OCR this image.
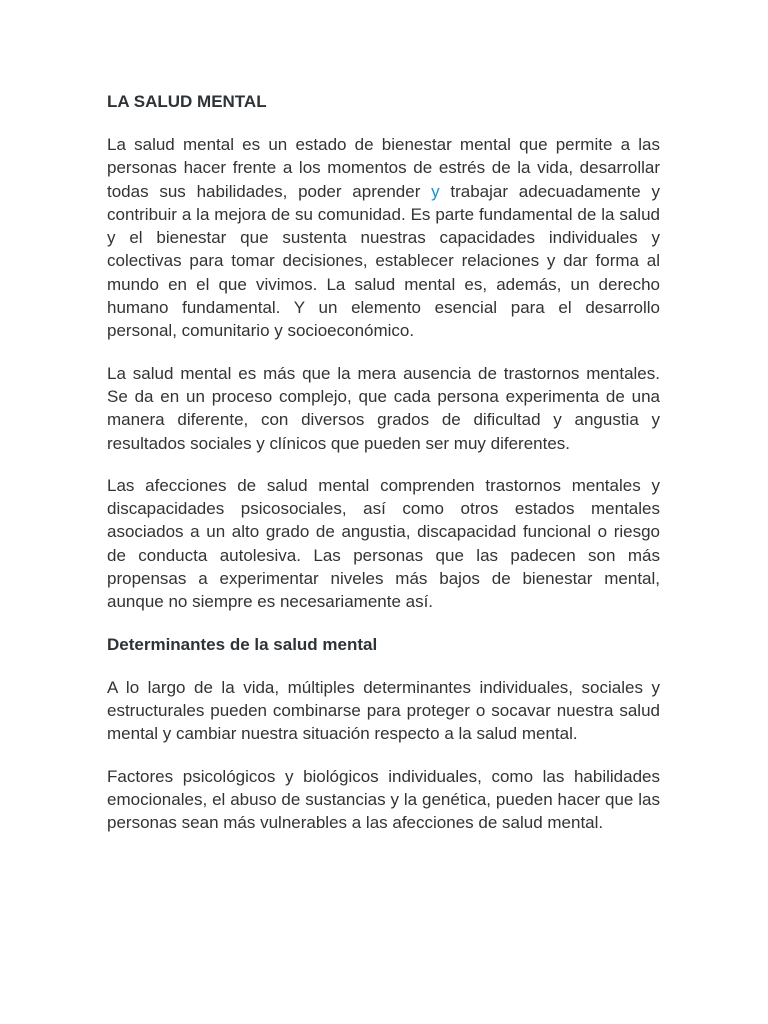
LA SALUD MENTAL

La salud mental es un estado de bienestar mental que permite a las personas hacer frente a los momentos de estrés de la vida, desarrollar todas sus habilidades, poder aprender y trabajar adecuadamente y contribuir a la mejora de su comunidad. Es parte fundamental de la salud y el bienestar que sustenta nuestras capacidades individuales y colectivas para tomar decisiones, establecer relaciones y dar forma al mundo en el que vivimos. La salud mental es, además, un derecho humano fundamental. Y un elemento esencial para el desarrollo personal, comunitario y socioeconómico.

La salud mental es más que la mera ausencia de trastornos mentales. Se da en un proceso complejo, que cada persona experimenta de una manera diferente, con diversos grados de dificultad y angustia y resultados sociales y clínicos que pueden ser muy diferentes.

Las afecciones de salud mental comprenden trastornos mentales y discapacidades psicosociales, así como otros estados mentales asociados a un alto grado de angustia, discapacidad funcional o riesgo de conducta autolesiva. Las personas que las padecen son más propensas a experimentar niveles más bajos de bienestar mental, aunque no siempre es necesariamente así.

Determinantes de la salud mental

A lo largo de la vida, múltiples determinantes individuales, sociales y estructurales pueden combinarse para proteger o socavar nuestra salud mental y cambiar nuestra situación respecto a la salud mental.

Factores psicológicos y biológicos individuales, como las habilidades emocionales, el abuso de sustancias y la genética, pueden hacer que las personas sean más vulnerables a las afecciones de salud mental.
